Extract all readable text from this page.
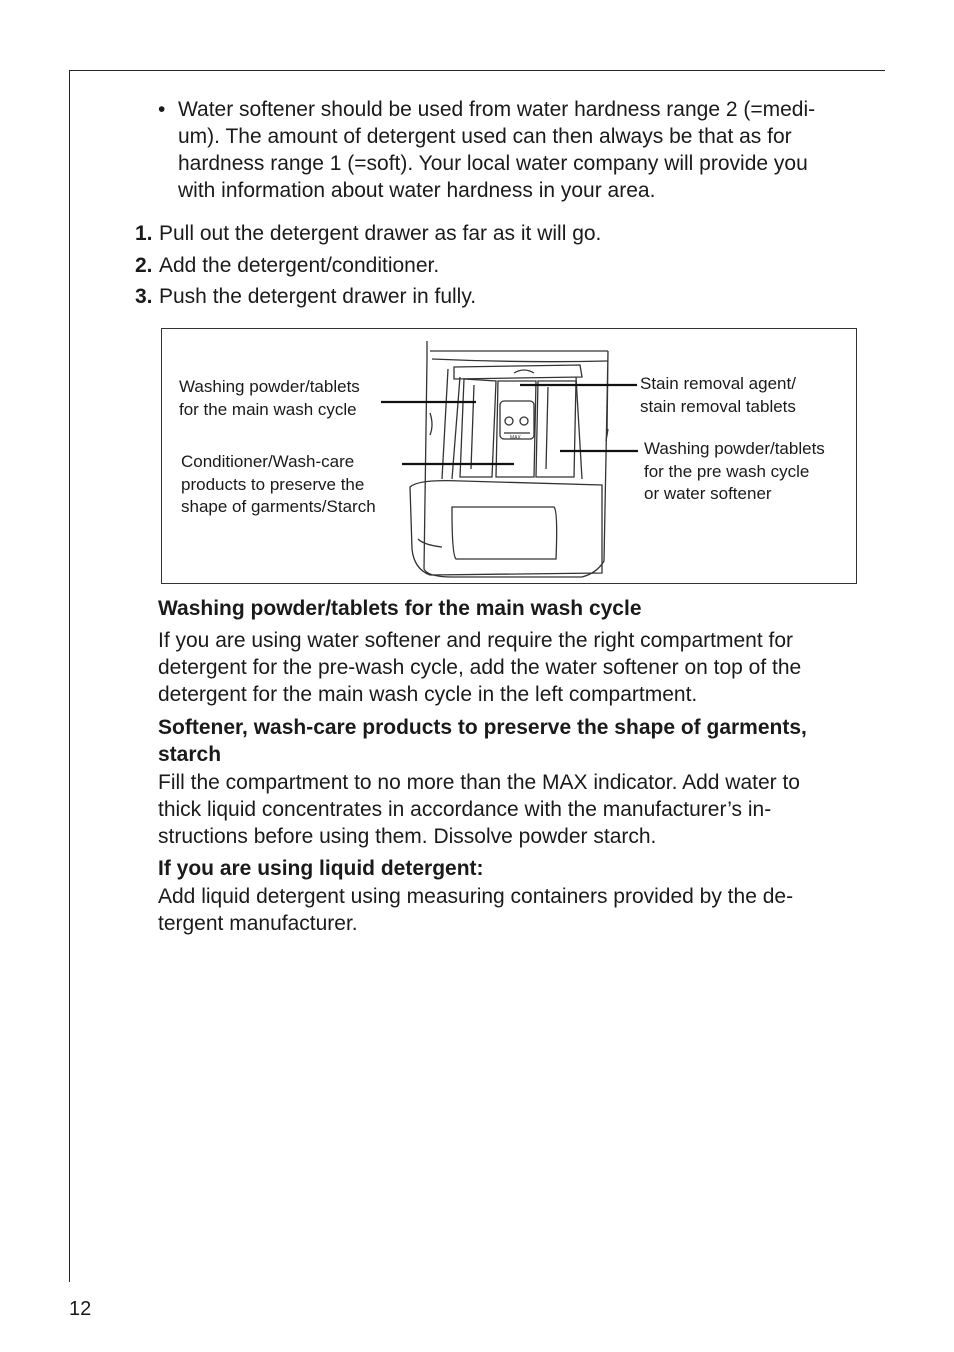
• Water softener should be used from water hardness range 2 (=medi-
um). The amount of detergent used can then always be that as for
hardness range 1 (=soft). Your local water company will provide you
with information about water hardness in your area.
1. Pull out the detergent drawer as far as it will go.
2. Add the detergent/conditioner.
3. Push the detergent drawer in fully.
MAX
Washing powder/tablets
for the main wash cycle
Conditioner/Wash-care
products to preserve the
shape of garments/Starch
Stain removal agent/
stain removal tablets
Washing powder/tablets
for the pre wash cycle
or water softener
Washing powder/tablets for the main wash cycle
If you are using water softener and require the right compartment for
detergent for the pre-wash cycle, add the water softener on top of the
detergent for the main wash cycle in the left compartment.
Softener, wash-care products to preserve the shape of garments,
starch
Fill the compartment to no more than the MAX indicator. Add water to
thick liquid concentrates in accordance with the manufacturer’s in-
structions before using them. Dissolve powder starch.
If you are using liquid detergent:
Add liquid detergent using measuring containers provided by the de-
tergent manufacturer.
12
